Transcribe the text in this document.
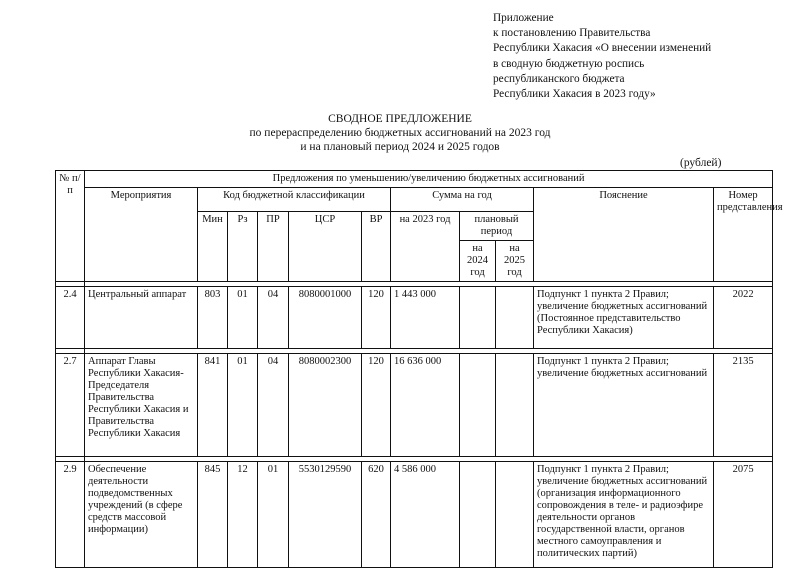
Приложение
к постановлению Правительства
Республики Хакасия «О внесении изменений
в сводную бюджетную роспись
республиканского бюджета
Республики Хакасия в 2023 году»
СВОДНОЕ ПРЕДЛОЖЕНИЕ
по перераспределению бюджетных ассигнований на 2023 год
и на плановый период 2024 и 2025 годов
(рублей)
№ п/п	Предложения по уменьшению/увеличению бюджетных ассигнований										
	Мероприятия	Код бюджетной классификации					Сумма на год			Пояснение	Номер представления
		Мин	Рз	ПР	ЦСР	ВР	на 2023 год	плановый период			
								на 2024 год	на 2025 год		

2.4	Центральный аппарат	803	01	04	8080001000	120	1 443 000			Подпункт 1 пункта 2 Правил; увеличение бюджетных ассигнований (Постоянное представительство Республики Хакасия)	2022

2.7	Аппарат Главы Республики Хакасия-Председателя Правительства Республики Хакасия и Правительства Республики Хакасия	841	01	04	8080002300	120	16 636 000			Подпункт 1 пункта 2 Правил; увеличение бюджетных ассигнований	2135

2.9	Обеспечение деятельности подведомственных учреждений (в сфере средств массовой информации)	845	12	01	5530129590	620	4 586 000			Подпункт 1 пункта 2 Правил; увеличение бюджетных ассигнований (организация информационного сопровождения в теле- и радиоэфире деятельности органов государственной власти, органов местного самоуправления и политических партий)	2075
